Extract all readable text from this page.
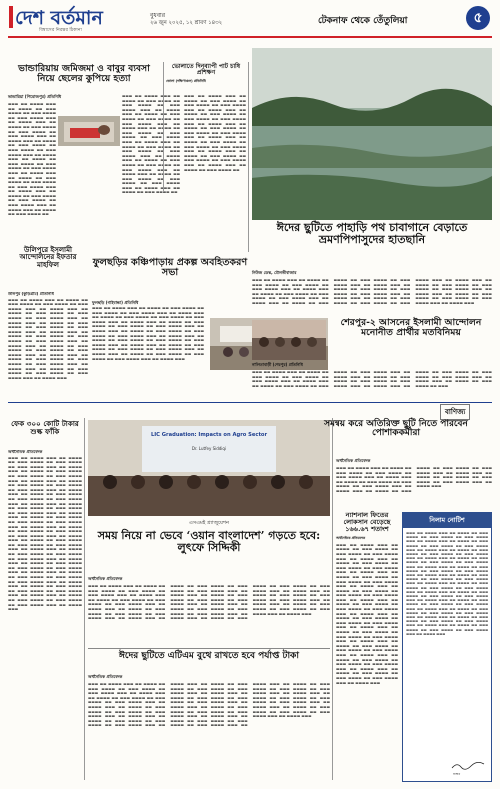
দেশ বর্তমান
বিশ্বাসের নিরন্তর ঠিকানা
বুধবার
২৬ জুন ২০২৫, ১২ শ্রাবণ ১৪৩২	টেকনাফ থেকে তেঁতুলিয়া	৫
ভান্ডারিয়ায় জমিজমা ও বাবুর ব্যবসা নিয়ে ছেলের কুপিয়ে হত্যা
ভান্ডারিয়া (পিরোজপুর) প্রতিনিধি
▬▬▬ ▬▬ ▬▬▬▬ ▬▬▬ ▬▬ ▬▬▬▬ ▬▬ ▬▬▬ ▬▬▬▬ ▬▬ ▬▬▬ ▬▬▬▬ ▬▬ ▬▬▬ ▬▬▬▬ ▬▬▬ ▬▬ ▬▬▬▬ ▬▬▬ ▬▬ ▬▬▬▬ ▬▬ ▬▬▬ ▬▬▬▬ ▬▬ ▬▬▬ ▬▬▬▬ ▬▬ ▬▬▬ ▬▬▬▬ ▬▬▬ ▬▬ ▬▬▬▬ ▬▬▬ ▬▬ ▬▬▬▬ ▬▬ ▬▬▬ ▬▬▬▬ ▬▬ ▬▬▬ ▬▬▬▬ ▬▬ ▬▬▬ ▬▬▬▬ ▬▬▬ ▬▬ ▬▬▬▬ ▬▬▬ ▬▬ ▬▬▬▬ ▬▬ ▬▬▬ ▬▬▬▬ ▬▬ ▬▬▬ ▬▬▬▬ ▬▬ ▬▬▬ ▬▬▬▬ ▬▬▬ ▬▬ ▬▬▬▬ ▬▬▬ ▬▬ ▬▬▬▬ ▬▬ ▬▬▬ ▬▬▬▬ ▬▬ ▬▬▬ ▬▬▬▬ ▬▬ ▬▬▬ ▬▬▬▬ ▬▬▬ ▬▬ ▬▬▬▬ ▬▬▬ ▬▬ ▬▬▬▬ ▬▬ ▬▬▬ ▬▬▬▬ ▬▬ ▬▬▬ ▬▬▬▬ ▬▬ ▬▬▬ ▬▬▬▬ ▬▬▬ ▬▬ ▬▬▬▬ ▬▬▬ ▬▬ ▬▬▬▬ ▬▬ ▬▬▬ ▬▬▬▬ ▬▬
▬▬▬ ▬▬ ▬▬▬▬ ▬▬▬ ▬▬ ▬▬▬▬ ▬▬ ▬▬▬ ▬▬▬▬ ▬▬ ▬▬▬ ▬▬▬▬ ▬▬ ▬▬▬ ▬▬▬▬ ▬▬▬ ▬▬ ▬▬▬▬ ▬▬▬ ▬▬ ▬▬▬▬ ▬▬ ▬▬▬ ▬▬▬▬ ▬▬ ▬▬▬ ▬▬▬▬ ▬▬ ▬▬▬ ▬▬▬▬ ▬▬▬ ▬▬ ▬▬▬▬ ▬▬▬ ▬▬ ▬▬▬▬ ▬▬ ▬▬▬ ▬▬▬▬ ▬▬ ▬▬▬ ▬▬▬▬ ▬▬ ▬▬▬ ▬▬▬▬ ▬▬▬ ▬▬ ▬▬▬▬ ▬▬▬ ▬▬ ▬▬▬▬ ▬▬ ▬▬▬ ▬▬▬▬ ▬▬ ▬▬▬ ▬▬▬▬ ▬▬ ▬▬▬ ▬▬▬▬ ▬▬▬ ▬▬ ▬▬▬▬ ▬▬▬ ▬▬ ▬▬▬▬ ▬▬ ▬▬▬ ▬▬▬▬ ▬▬ ▬▬▬ ▬▬▬▬ ▬▬ ▬▬▬ ▬▬▬▬ ▬▬▬ ▬▬ ▬▬▬▬ ▬▬▬ ▬▬ ▬▬▬▬ ▬▬ ▬▬▬ ▬▬▬▬ ▬▬ ▬▬▬ ▬▬▬▬ ▬▬ ▬▬▬ ▬▬▬▬ ▬▬▬ ▬▬ ▬▬▬▬ ▬▬▬ ▬▬ ▬▬▬▬ ▬▬ ▬▬▬ ▬▬▬▬ ▬▬
▬▬▬ ▬▬ ▬▬▬▬ ▬▬▬ ▬▬ ▬▬▬▬ ▬▬ ▬▬▬ ▬▬▬▬ ▬▬ ▬▬▬ ▬▬▬▬ ▬▬ ▬▬▬ ▬▬▬▬ ▬▬▬ ▬▬ ▬▬▬▬ ▬▬▬ ▬▬ ▬▬▬▬ ▬▬ ▬▬▬ ▬▬▬▬ ▬▬ ▬▬▬ ▬▬▬▬ ▬▬ ▬▬▬ ▬▬▬▬ ▬▬▬ ▬▬ ▬▬▬▬ ▬▬▬ ▬▬ ▬▬▬▬ ▬▬ ▬▬▬ ▬▬▬▬ ▬▬ ▬▬▬ ▬▬▬▬ ▬▬ ▬▬▬ ▬▬▬▬ ▬▬▬ ▬▬ ▬▬▬▬ ▬▬▬ ▬▬ ▬▬▬▬ ▬▬ ▬▬▬ ▬▬▬▬ ▬▬ ▬▬▬ ▬▬▬▬ ▬▬ ▬▬▬ ▬▬▬▬ ▬▬▬ ▬▬ ▬▬▬▬ ▬▬▬ ▬▬ ▬▬▬▬ ▬▬ ▬▬▬ ▬▬▬▬ ▬▬ ▬▬▬ ▬▬▬▬ ▬▬ ▬▬▬ ▬▬▬▬ ▬▬▬ ▬▬ ▬▬▬▬ ▬▬▬ ▬▬ ▬▬▬▬ ▬▬ ▬▬▬ ▬▬▬▬ ▬▬
ভোলাতে দিনব্যাপী পাট চাষি প্রশিক্ষণ
ভোলা (দক্ষিণাঞ্চল) প্রতিনিধি
উলিপুরে ইসলামী আন্দোলনের ইফতার মাহফিল
উলিপুর (কুড়িগ্রাম) প্রতিনিধি
▬▬▬ ▬▬ ▬▬▬▬ ▬▬▬ ▬▬ ▬▬▬▬ ▬▬ ▬▬▬ ▬▬▬▬ ▬▬ ▬▬▬ ▬▬▬▬ ▬▬ ▬▬▬ ▬▬▬▬ ▬▬▬ ▬▬ ▬▬▬▬ ▬▬▬ ▬▬ ▬▬▬▬ ▬▬ ▬▬▬ ▬▬▬▬ ▬▬ ▬▬▬ ▬▬▬▬ ▬▬ ▬▬▬ ▬▬▬▬ ▬▬▬ ▬▬ ▬▬▬▬ ▬▬▬ ▬▬ ▬▬▬▬ ▬▬ ▬▬▬ ▬▬▬▬ ▬▬ ▬▬▬ ▬▬▬▬ ▬▬ ▬▬▬ ▬▬▬▬ ▬▬▬ ▬▬ ▬▬▬▬ ▬▬▬ ▬▬ ▬▬▬▬ ▬▬ ▬▬▬ ▬▬▬▬ ▬▬ ▬▬▬ ▬▬▬▬ ▬▬ ▬▬▬ ▬▬▬▬ ▬▬▬ ▬▬ ▬▬▬▬ ▬▬▬ ▬▬ ▬▬▬▬ ▬▬ ▬▬▬ ▬▬▬▬ ▬▬ ▬▬▬ ▬▬▬▬ ▬▬ ▬▬▬ ▬▬▬▬ ▬▬▬ ▬▬ ▬▬▬▬ ▬▬▬ ▬▬ ▬▬▬▬ ▬▬ ▬▬▬ ▬▬▬▬ ▬▬ ▬▬▬ ▬▬▬▬ ▬▬ ▬▬▬ ▬▬▬▬ ▬▬▬ ▬▬ ▬▬▬▬ ▬▬▬ ▬▬ ▬▬▬▬ ▬▬ ▬▬▬ ▬▬▬▬ ▬▬ ▬▬▬ ▬▬▬▬ ▬▬ ▬▬▬ ▬▬▬▬ ▬▬▬ ▬▬ ▬▬▬▬ ▬▬▬
ফুলছড়ির কঞ্চিপাড়ায় প্রকল্প অবহিতকরণ সভা
ফুলছড়ি (গাইবান্ধা) প্রতিনিধি
▬▬▬ ▬▬ ▬▬▬▬ ▬▬▬ ▬▬ ▬▬▬▬ ▬▬ ▬▬▬ ▬▬▬▬ ▬▬ ▬▬▬ ▬▬▬▬ ▬▬ ▬▬▬ ▬▬▬▬ ▬▬▬ ▬▬ ▬▬▬▬ ▬▬▬ ▬▬ ▬▬▬▬ ▬▬ ▬▬▬ ▬▬▬▬ ▬▬ ▬▬▬ ▬▬▬▬ ▬▬ ▬▬▬ ▬▬▬▬ ▬▬▬ ▬▬ ▬▬▬▬ ▬▬▬ ▬▬ ▬▬▬▬ ▬▬ ▬▬▬ ▬▬▬▬ ▬▬ ▬▬▬ ▬▬▬▬ ▬▬ ▬▬▬ ▬▬▬▬ ▬▬▬ ▬▬ ▬▬▬▬ ▬▬▬ ▬▬ ▬▬▬▬ ▬▬ ▬▬▬ ▬▬▬▬ ▬▬ ▬▬▬ ▬▬▬▬ ▬▬ ▬▬▬ ▬▬▬▬ ▬▬▬ ▬▬ ▬▬▬▬ ▬▬▬ ▬▬ ▬▬▬▬ ▬▬ ▬▬▬ ▬▬▬▬ ▬▬ ▬▬▬ ▬▬▬▬ ▬▬ ▬▬▬ ▬▬▬▬ ▬▬▬ ▬▬ ▬▬▬▬ ▬▬▬ ▬▬ ▬▬▬▬ ▬▬ ▬▬▬ ▬▬▬▬ ▬▬ ▬▬▬ ▬▬▬▬ ▬▬ ▬▬▬ ▬▬▬▬ ▬▬▬ ▬▬ ▬▬▬▬ ▬▬▬ ▬▬ ▬▬▬▬ ▬▬ ▬▬▬ ▬▬▬▬ ▬▬ ▬▬▬ ▬▬▬▬ ▬▬ ▬▬▬ ▬▬▬▬ ▬▬▬ ▬▬ ▬▬▬▬ ▬▬▬
ঈদের ছুটিতে পাহাড়ি পথ চাবাগানে বেড়াতে ভ্রমণপিপাসুদের হাতছানি
নিউজ ডেস্ক, মৌলভীবাজার
▬▬▬ ▬▬ ▬▬▬▬ ▬▬▬ ▬▬ ▬▬▬▬ ▬▬ ▬▬▬ ▬▬▬▬ ▬▬ ▬▬▬ ▬▬▬▬ ▬▬ ▬▬▬ ▬▬▬▬ ▬▬▬ ▬▬ ▬▬▬▬ ▬▬▬ ▬▬ ▬▬▬▬ ▬▬ ▬▬▬ ▬▬▬▬ ▬▬ ▬▬▬ ▬▬▬▬ ▬▬ ▬▬▬ ▬▬▬▬ ▬▬▬ ▬▬ ▬▬▬▬ ▬▬▬ ▬▬ ▬▬▬▬ ▬▬ ▬▬▬ ▬▬▬▬ ▬▬ ▬▬▬ ▬▬▬▬ ▬▬ ▬▬▬ ▬▬▬▬ ▬▬▬ ▬▬ ▬▬▬▬ ▬▬▬ ▬▬ ▬▬▬▬ ▬▬ ▬▬▬ ▬▬▬▬ ▬▬ ▬▬▬ ▬▬▬▬ ▬▬ ▬▬▬ ▬▬▬▬ ▬▬▬ ▬▬ ▬▬▬▬ ▬▬▬ ▬▬ ▬▬▬▬ ▬▬ ▬▬▬ ▬▬▬▬ ▬▬ ▬▬▬ ▬▬▬▬ ▬▬ ▬▬▬ ▬▬▬▬ ▬▬▬ ▬▬ ▬▬▬▬ ▬▬▬ ▬▬ ▬▬▬▬ ▬▬ ▬▬▬ ▬▬▬▬ ▬▬ ▬▬▬ ▬▬▬▬ ▬▬ ▬▬▬ ▬▬▬▬ ▬▬▬ ▬▬ ▬▬▬▬ ▬▬▬ ▬▬ ▬▬▬▬ ▬▬ ▬▬▬ ▬▬▬▬ ▬▬ ▬▬▬ ▬▬▬▬ ▬▬ ▬▬▬ ▬▬▬▬ ▬▬▬ ▬▬ ▬▬▬▬ ▬▬▬
শেরপুর-২ আসনের ইসলামী আন্দোলন মনোনীত প্রার্থীর মতবিনিময়
নালিতাবাড়ী (শেরপুর) প্রতিনিধি
▬▬▬ ▬▬ ▬▬▬▬ ▬▬▬ ▬▬ ▬▬▬▬ ▬▬ ▬▬▬ ▬▬▬▬ ▬▬ ▬▬▬ ▬▬▬▬ ▬▬ ▬▬▬ ▬▬▬▬ ▬▬▬ ▬▬ ▬▬▬▬ ▬▬▬ ▬▬ ▬▬▬▬ ▬▬ ▬▬▬ ▬▬▬▬ ▬▬ ▬▬▬ ▬▬▬▬ ▬▬ ▬▬▬ ▬▬▬▬ ▬▬▬ ▬▬ ▬▬▬▬ ▬▬▬ ▬▬ ▬▬▬▬ ▬▬ ▬▬▬ ▬▬▬▬ ▬▬ ▬▬▬ ▬▬▬▬ ▬▬ ▬▬▬ ▬▬▬▬ ▬▬▬ ▬▬ ▬▬▬▬ ▬▬▬ ▬▬ ▬▬▬▬ ▬▬ ▬▬▬ ▬▬▬▬ ▬▬ ▬▬▬ ▬▬▬▬ ▬▬ ▬▬▬ ▬▬▬▬ ▬▬▬ ▬▬ ▬▬▬▬ ▬▬▬ ▬▬ ▬▬▬▬ ▬▬ ▬▬▬ ▬▬▬▬ ▬▬ ▬▬▬
বাণিজ্য
ফেক ৩০০ কোটি টাকার শুল্ক ফাঁকি
অর্থনৈতিক প্রতিবেদক
▬▬▬ ▬▬ ▬▬▬▬ ▬▬▬ ▬▬ ▬▬▬▬ ▬▬ ▬▬▬ ▬▬▬▬ ▬▬ ▬▬▬ ▬▬▬▬ ▬▬ ▬▬▬ ▬▬▬▬ ▬▬▬ ▬▬ ▬▬▬▬ ▬▬▬ ▬▬ ▬▬▬▬ ▬▬ ▬▬▬ ▬▬▬▬ ▬▬ ▬▬▬ ▬▬▬▬ ▬▬ ▬▬▬ ▬▬▬▬ ▬▬▬ ▬▬ ▬▬▬▬ ▬▬▬ ▬▬ ▬▬▬▬ ▬▬ ▬▬▬ ▬▬▬▬ ▬▬ ▬▬▬ ▬▬▬▬ ▬▬ ▬▬▬ ▬▬▬▬ ▬▬▬ ▬▬ ▬▬▬▬ ▬▬▬ ▬▬ ▬▬▬▬ ▬▬ ▬▬▬ ▬▬▬▬ ▬▬ ▬▬▬ ▬▬▬▬ ▬▬ ▬▬▬ ▬▬▬▬ ▬▬▬ ▬▬ ▬▬▬▬ ▬▬▬ ▬▬ ▬▬▬▬ ▬▬ ▬▬▬ ▬▬▬▬ ▬▬ ▬▬▬ ▬▬▬▬ ▬▬ ▬▬▬ ▬▬▬▬ ▬▬▬ ▬▬ ▬▬▬▬ ▬▬▬ ▬▬ ▬▬▬▬ ▬▬ ▬▬▬ ▬▬▬▬ ▬▬ ▬▬▬ ▬▬▬▬ ▬▬ ▬▬▬ ▬▬▬▬ ▬▬▬ ▬▬ ▬▬▬▬ ▬▬▬ ▬▬ ▬▬▬▬ ▬▬ ▬▬▬ ▬▬▬▬ ▬▬ ▬▬▬ ▬▬▬▬ ▬▬ ▬▬▬ ▬▬▬▬ ▬▬▬ ▬▬ ▬▬▬▬ ▬▬▬ ▬▬ ▬▬▬▬ ▬▬ ▬▬▬ ▬▬▬▬ ▬▬ ▬▬▬ ▬▬▬▬ ▬▬ ▬▬▬ ▬▬▬▬ ▬▬▬ ▬▬ ▬▬▬▬ ▬▬▬ ▬▬ ▬▬▬▬ ▬▬ ▬▬▬ ▬▬▬▬ ▬▬ ▬▬▬ ▬▬▬▬ ▬▬ ▬▬▬ ▬▬▬▬ ▬▬▬ ▬▬ ▬▬▬▬ ▬▬▬ ▬▬ ▬▬▬▬ ▬▬ ▬▬▬ ▬▬▬▬ ▬▬ ▬▬▬ ▬▬▬▬ ▬▬ ▬▬▬ ▬▬▬▬ ▬▬▬ ▬▬ ▬▬▬▬ ▬▬▬ ▬▬ ▬▬▬▬ ▬▬ ▬▬▬ ▬▬▬▬ ▬▬ ▬▬▬ ▬▬▬▬ ▬▬ ▬▬▬ ▬▬▬▬ ▬▬▬ ▬▬ ▬▬▬▬ ▬▬▬ ▬▬ ▬▬▬▬ ▬▬ ▬▬▬ ▬▬▬▬ ▬▬ ▬▬▬ ▬▬▬▬ ▬▬ ▬▬▬ ▬▬▬▬ ▬▬▬ ▬▬ ▬▬▬▬ ▬▬▬ ▬▬ ▬▬▬▬ ▬▬ ▬▬▬ ▬▬▬▬ ▬▬ ▬▬▬ ▬▬▬▬ ▬▬ ▬▬▬ ▬▬▬▬ ▬▬▬ ▬▬ ▬▬▬▬ ▬▬▬
LIC Graduation: Impacts on Agro Sector
Dr. Lutfey Siddiqi
এসএমই গ্র্যাজুয়েশন
সময় নিয়ে না ভেবে ‘ওয়ান বাংলাদেশ’ গড়তে হবে: লুৎফে সিদ্দিকী
অর্থনৈতিক প্রতিবেদক
▬▬▬ ▬▬ ▬▬▬▬ ▬▬▬ ▬▬ ▬▬▬▬ ▬▬ ▬▬▬ ▬▬▬▬ ▬▬ ▬▬▬ ▬▬▬▬ ▬▬ ▬▬▬ ▬▬▬▬ ▬▬▬ ▬▬ ▬▬▬▬ ▬▬▬ ▬▬ ▬▬▬▬ ▬▬ ▬▬▬ ▬▬▬▬ ▬▬ ▬▬▬ ▬▬▬▬ ▬▬ ▬▬▬ ▬▬▬▬ ▬▬▬ ▬▬ ▬▬▬▬ ▬▬▬ ▬▬ ▬▬▬▬ ▬▬ ▬▬▬ ▬▬▬▬ ▬▬ ▬▬▬ ▬▬▬▬ ▬▬ ▬▬▬ ▬▬▬▬ ▬▬▬ ▬▬ ▬▬▬▬ ▬▬▬ ▬▬ ▬▬▬▬ ▬▬ ▬▬▬ ▬▬▬▬ ▬▬ ▬▬▬ ▬▬▬▬ ▬▬ ▬▬▬ ▬▬▬▬ ▬▬▬ ▬▬ ▬▬▬▬ ▬▬▬ ▬▬ ▬▬▬▬ ▬▬ ▬▬▬ ▬▬▬▬ ▬▬ ▬▬▬ ▬▬▬▬ ▬▬ ▬▬▬ ▬▬▬▬ ▬▬▬ ▬▬ ▬▬▬▬ ▬▬▬ ▬▬ ▬▬▬▬ ▬▬ ▬▬▬ ▬▬▬▬ ▬▬ ▬▬▬ ▬▬▬▬ ▬▬ ▬▬▬ ▬▬▬▬ ▬▬▬ ▬▬ ▬▬▬▬ ▬▬▬ ▬▬ ▬▬▬▬ ▬▬ ▬▬▬ ▬▬▬▬ ▬▬ ▬▬▬ ▬▬▬▬ ▬▬ ▬▬▬ ▬▬▬▬ ▬▬▬ ▬▬ ▬▬▬▬ ▬▬▬ ▬▬ ▬▬▬▬ ▬▬ ▬▬▬ ▬▬▬▬ ▬▬ ▬▬▬ ▬▬▬▬ ▬▬ ▬▬▬ ▬▬▬▬ ▬▬▬ ▬▬ ▬▬▬▬ ▬▬▬ ▬▬ ▬▬▬▬ ▬▬ ▬▬▬ ▬▬▬▬ ▬▬ ▬▬▬ ▬▬▬▬ ▬▬ ▬▬▬ ▬▬▬▬ ▬▬▬ ▬▬ ▬▬▬▬ ▬▬▬
ঈদের ছুটিতে এটিএম বুথে রাখতে হবে পর্যাপ্ত টাকা
অর্থনৈতিক প্রতিবেদক
▬▬▬ ▬▬ ▬▬▬▬ ▬▬▬ ▬▬ ▬▬▬▬ ▬▬ ▬▬▬ ▬▬▬▬ ▬▬ ▬▬▬ ▬▬▬▬ ▬▬ ▬▬▬ ▬▬▬▬ ▬▬▬ ▬▬ ▬▬▬▬ ▬▬▬ ▬▬ ▬▬▬▬ ▬▬ ▬▬▬ ▬▬▬▬ ▬▬ ▬▬▬ ▬▬▬▬ ▬▬ ▬▬▬ ▬▬▬▬ ▬▬▬ ▬▬ ▬▬▬▬ ▬▬▬ ▬▬ ▬▬▬▬ ▬▬ ▬▬▬ ▬▬▬▬ ▬▬ ▬▬▬ ▬▬▬▬ ▬▬ ▬▬▬ ▬▬▬▬ ▬▬▬ ▬▬ ▬▬▬▬ ▬▬▬ ▬▬ ▬▬▬▬ ▬▬ ▬▬▬ ▬▬▬▬ ▬▬ ▬▬▬ ▬▬▬▬ ▬▬ ▬▬▬ ▬▬▬▬ ▬▬▬ ▬▬ ▬▬▬▬ ▬▬▬ ▬▬ ▬▬▬▬ ▬▬ ▬▬▬ ▬▬▬▬ ▬▬ ▬▬▬ ▬▬▬▬ ▬▬ ▬▬▬ ▬▬▬▬ ▬▬▬ ▬▬ ▬▬▬▬ ▬▬▬ ▬▬ ▬▬▬▬ ▬▬ ▬▬▬ ▬▬▬▬ ▬▬ ▬▬▬ ▬▬▬▬ ▬▬ ▬▬▬ ▬▬▬▬ ▬▬▬ ▬▬ ▬▬▬▬ ▬▬▬ ▬▬ ▬▬▬▬ ▬▬ ▬▬▬ ▬▬▬▬ ▬▬ ▬▬▬ ▬▬▬▬ ▬▬ ▬▬▬ ▬▬▬▬ ▬▬▬ ▬▬ ▬▬▬▬ ▬▬▬ ▬▬ ▬▬▬▬ ▬▬ ▬▬▬ ▬▬▬▬ ▬▬ ▬▬▬ ▬▬▬▬ ▬▬ ▬▬▬ ▬▬▬▬ ▬▬▬ ▬▬ ▬▬▬▬ ▬▬▬ ▬▬ ▬▬▬▬ ▬▬ ▬▬▬ ▬▬▬▬ ▬▬ ▬▬▬ ▬▬▬▬ ▬▬ ▬▬▬ ▬▬▬▬ ▬▬▬ ▬▬ ▬▬▬▬ ▬▬▬ ▬▬ ▬▬▬▬ ▬▬ ▬▬▬ ▬▬▬▬ ▬▬ ▬▬▬ ▬▬▬▬ ▬▬ ▬▬▬ ▬▬▬▬ ▬▬▬ ▬▬ ▬▬▬▬ ▬▬▬ ▬▬ ▬▬▬▬ ▬▬ ▬▬▬ ▬▬▬▬ ▬▬ ▬▬▬ ▬▬▬▬ ▬▬ ▬▬▬ ▬▬▬▬ ▬▬▬ ▬▬ ▬▬▬▬ ▬▬▬
সমন্বয় করে অতিরিক্ত ছুটি নিতে পারবেন পোশাককর্মীরা
অর্থনৈতিক প্রতিবেদক
▬▬▬ ▬▬ ▬▬▬▬ ▬▬▬ ▬▬ ▬▬▬▬ ▬▬ ▬▬▬ ▬▬▬▬ ▬▬ ▬▬▬ ▬▬▬▬ ▬▬ ▬▬▬ ▬▬▬▬ ▬▬▬ ▬▬ ▬▬▬▬ ▬▬▬ ▬▬ ▬▬▬▬ ▬▬ ▬▬▬ ▬▬▬▬ ▬▬ ▬▬▬ ▬▬▬▬ ▬▬ ▬▬▬ ▬▬▬▬ ▬▬▬ ▬▬ ▬▬▬▬ ▬▬▬ ▬▬ ▬▬▬▬ ▬▬ ▬▬▬ ▬▬▬▬ ▬▬ ▬▬▬ ▬▬▬▬ ▬▬ ▬▬▬ ▬▬▬▬ ▬▬▬ ▬▬ ▬▬▬▬ ▬▬▬ ▬▬ ▬▬▬▬ ▬▬ ▬▬▬ ▬▬▬▬ ▬▬ ▬▬▬ ▬▬▬▬ ▬▬ ▬▬▬ ▬▬▬▬ ▬▬▬ ▬▬ ▬▬▬▬ ▬▬▬
ন্যাশনাল ফিতের লোকসান বেড়েছে ১৬৬.৬৭ শতাংশ
অর্থনৈতিক প্রতিবেদক
▬▬▬ ▬▬ ▬▬▬▬ ▬▬▬ ▬▬ ▬▬▬▬ ▬▬ ▬▬▬ ▬▬▬▬ ▬▬ ▬▬▬ ▬▬▬▬ ▬▬ ▬▬▬ ▬▬▬▬ ▬▬▬ ▬▬ ▬▬▬▬ ▬▬▬ ▬▬ ▬▬▬▬ ▬▬ ▬▬▬ ▬▬▬▬ ▬▬ ▬▬▬ ▬▬▬▬ ▬▬ ▬▬▬ ▬▬▬▬ ▬▬▬ ▬▬ ▬▬▬▬ ▬▬▬ ▬▬ ▬▬▬▬ ▬▬ ▬▬▬ ▬▬▬▬ ▬▬ ▬▬▬ ▬▬▬▬ ▬▬ ▬▬▬ ▬▬▬▬ ▬▬▬ ▬▬ ▬▬▬▬ ▬▬▬ ▬▬ ▬▬▬▬ ▬▬ ▬▬▬ ▬▬▬▬ ▬▬ ▬▬▬ ▬▬▬▬ ▬▬ ▬▬▬ ▬▬▬▬ ▬▬▬ ▬▬ ▬▬▬▬ ▬▬▬ ▬▬ ▬▬▬▬ ▬▬ ▬▬▬ ▬▬▬▬ ▬▬ ▬▬▬ ▬▬▬▬ ▬▬ ▬▬▬ ▬▬▬▬ ▬▬▬ ▬▬ ▬▬▬▬ ▬▬▬ ▬▬ ▬▬▬▬ ▬▬ ▬▬▬ ▬▬▬▬ ▬▬ ▬▬▬ ▬▬▬▬ ▬▬ ▬▬▬ ▬▬▬▬ ▬▬▬ ▬▬ ▬▬▬▬ ▬▬▬ ▬▬ ▬▬▬▬ ▬▬ ▬▬▬ ▬▬▬▬ ▬▬ ▬▬▬ ▬▬▬▬ ▬▬ ▬▬▬ ▬▬▬▬ ▬▬▬ ▬▬ ▬▬▬▬ ▬▬▬ ▬▬ ▬▬▬▬ ▬▬ ▬▬▬ ▬▬▬▬ ▬▬ ▬▬▬ ▬▬▬▬ ▬▬ ▬▬▬ ▬▬▬▬ ▬▬▬ ▬▬ ▬▬▬▬ ▬▬▬ ▬▬ ▬▬▬▬ ▬▬ ▬▬▬ ▬▬▬▬ ▬▬ ▬▬▬ ▬▬▬▬ ▬▬ ▬▬▬ ▬▬▬▬ ▬▬▬ ▬▬ ▬▬▬▬ ▬▬▬ ▬▬ ▬▬▬▬ ▬▬ ▬▬▬ ▬▬▬▬ ▬▬ ▬▬▬ ▬▬▬▬ ▬▬ ▬▬▬ ▬▬▬▬ ▬▬▬ ▬▬ ▬▬▬▬ ▬▬▬
নিলাম নোটিশ
▬▬▬ ▬▬ ▬▬▬▬ ▬▬▬ ▬▬ ▬▬▬▬ ▬▬ ▬▬▬ ▬▬▬▬ ▬▬ ▬▬▬ ▬▬▬▬ ▬▬ ▬▬▬ ▬▬▬▬ ▬▬▬ ▬▬ ▬▬▬▬ ▬▬▬ ▬▬ ▬▬▬▬ ▬▬ ▬▬▬ ▬▬▬▬ ▬▬ ▬▬▬ ▬▬▬▬ ▬▬ ▬▬▬ ▬▬▬▬ ▬▬▬ ▬▬ ▬▬▬▬ ▬▬▬ ▬▬ ▬▬▬▬ ▬▬ ▬▬▬ ▬▬▬▬ ▬▬ ▬▬▬ ▬▬▬▬ ▬▬ ▬▬▬ ▬▬▬▬ ▬▬▬ ▬▬ ▬▬▬▬ ▬▬▬ ▬▬ ▬▬▬▬ ▬▬ ▬▬▬ ▬▬▬▬ ▬▬ ▬▬▬ ▬▬▬▬ ▬▬ ▬▬▬ ▬▬▬▬ ▬▬▬ ▬▬ ▬▬▬▬ ▬▬▬ ▬▬ ▬▬▬▬ ▬▬ ▬▬▬ ▬▬▬▬ ▬▬ ▬▬▬ ▬▬▬▬ ▬▬ ▬▬▬ ▬▬▬▬ ▬▬▬ ▬▬ ▬▬▬▬ ▬▬▬ ▬▬ ▬▬▬▬ ▬▬ ▬▬▬ ▬▬▬▬ ▬▬ ▬▬▬ ▬▬▬▬ ▬▬ ▬▬▬ ▬▬▬▬ ▬▬▬ ▬▬ ▬▬▬▬ ▬▬▬ ▬▬ ▬▬▬▬ ▬▬ ▬▬▬ ▬▬▬▬ ▬▬ ▬▬▬ ▬▬▬▬ ▬▬ ▬▬▬ ▬▬▬▬ ▬▬▬ ▬▬ ▬▬▬▬ ▬▬▬ ▬▬ ▬▬▬▬ ▬▬ ▬▬▬ ▬▬▬▬ ▬▬ ▬▬▬ ▬▬▬▬ ▬▬ ▬▬▬ ▬▬▬▬ ▬▬▬ ▬▬ ▬▬▬▬ ▬▬▬ ▬▬ ▬▬▬▬ ▬▬ ▬▬▬ ▬▬▬▬ ▬▬ ▬▬▬ ▬▬▬▬ ▬▬ ▬▬▬ ▬▬▬▬ ▬▬▬ ▬▬ ▬▬▬▬ ▬▬▬ ▬▬ ▬▬▬▬ ▬▬ ▬▬▬ ▬▬▬▬ ▬▬ ▬▬▬ ▬▬▬▬ ▬▬ ▬▬▬ ▬▬▬▬ ▬▬▬ ▬▬ ▬▬▬▬ ▬▬▬ ▬▬ ▬▬▬▬ ▬▬ ▬▬▬ ▬▬▬▬ ▬▬ ▬▬▬ ▬▬▬▬ ▬▬ ▬▬▬ ▬▬▬▬ ▬▬▬ ▬▬ ▬▬▬▬ ▬▬▬ ▬▬ ▬▬▬▬ ▬▬ ▬▬▬ ▬▬▬▬ ▬▬ ▬▬▬ ▬▬▬▬ ▬▬ ▬▬▬ ▬▬▬▬ ▬▬▬ ▬▬ ▬▬▬▬ ▬▬▬
স্বাক্ষর
